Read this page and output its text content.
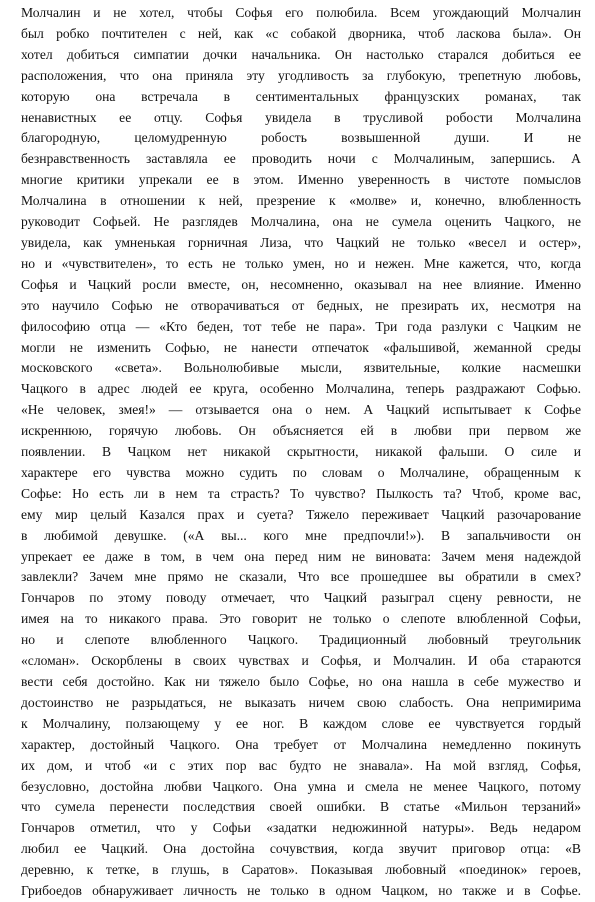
Молчалин и не хотел, чтобы Софья его полюбила. Всем угождающий Молчалин
был робко почтителен с ней, как «с собакой дворника, чтоб ласкова была». Он
хотел добиться симпатии дочки начальника. Он настолько старался добиться ее
расположения, что она приняла эту угодливость за глубокую, трепетную любовь,
которую она встречала в сентиментальных французских романах, так
ненавистных ее отцу. Софья увидела в трусливой робости Молчалина
благородную, целомудренную робость возвышенной души. И не
безнравственность заставляла ее проводить ночи с Молчалиным, запершись. А
многие критики упрекали ее в этом. Именно уверенность в чистоте помыслов
Молчалина в отношении к ней, презрение к «молве» и, конечно, влюбленность
руководит Софьей. Не разглядев Молчалина, она не сумела оценить Чацкого, не
увидела, как умненькая горничная Лиза, что Чацкий не только «весел и остер»,
но и «чувствителен», то есть не только умен, но и нежен. Мне кажется, что, когда
Софья и Чацкий росли вместе, он, несомненно, оказывал на нее влияние. Именно
это научило Софью не отворачиваться от бедных, не презирать их, несмотря на
философию отца — «Кто беден, тот тебе не пара». Три года разлуки с Чацким не
могли не изменить Софью, не нанести отпечаток «фальшивой, жеманной среды
московского «света». Вольнолюбивые мысли, язвительные, колкие насмешки
Чацкого в адрес людей ее круга, особенно Молчалина, теперь раздражают Софью.
«Не человек, змея!» — отзывается она о нем. А Чацкий испытывает к Софье
искреннюю, горячую любовь. Он объясняется ей в любви при первом же
появлении. В Чацком нет никакой скрытности, никакой фальши. О силе и
характере его чувства можно судить по словам о Молчалине, обращенным к
Софье: Но есть ли в нем та страсть? То чувство? Пылкость та? Чтоб, кроме вас,
ему мир целый Казался прах и суета? Тяжело переживает Чацкий разочарование
в любимой девушке. («А вы... кого мне предпочли!»). В запальчивости он
упрекает ее даже в том, в чем она перед ним не виновата: Зачем меня надеждой
завлекли? Зачем мне прямо не сказали, Что все прошедшее вы обратили в смех?
Гончаров по этому поводу отмечает, что Чацкий разыграл сцену ревности, не
имея на то никакого права. Это говорит не только о слепоте влюбленной Софьи,
но и слепоте влюбленного Чацкого. Традиционный любовный треугольник
«сломан». Оскорблены в своих чувствах и Софья, и Молчалин. И оба стараются
вести себя достойно. Как ни тяжело было Софье, но она нашла в себе мужество и
достоинство не разрыдаться, не выказать ничем свою слабость. Она непримирима
к Молчалину, ползающему у ее ног. В каждом слове ее чувствуется гордый
характер, достойный Чацкого. Она требует от Молчалина немедленно покинуть
их дом, и чтоб «и с этих пор вас будто не знавала». На мой взгляд, Софья,
безусловно, достойна любви Чацкого. Она умна и смела не менее Чацкого, потому
что сумела перенести последствия своей ошибки. В статье «Мильон терзаний»
Гончаров отметил, что у Софьи «задатки недюжинной натуры». Ведь недаром
любил ее Чацкий. Она достойна сочувствия, когда звучит приговор отца: «В
деревню, к тетке, в глушь, в Саратов». Показывая любовный «поединок» героев,
Грибоедов обнаруживает личность не только в одном Чацком, но также и в Софье.
